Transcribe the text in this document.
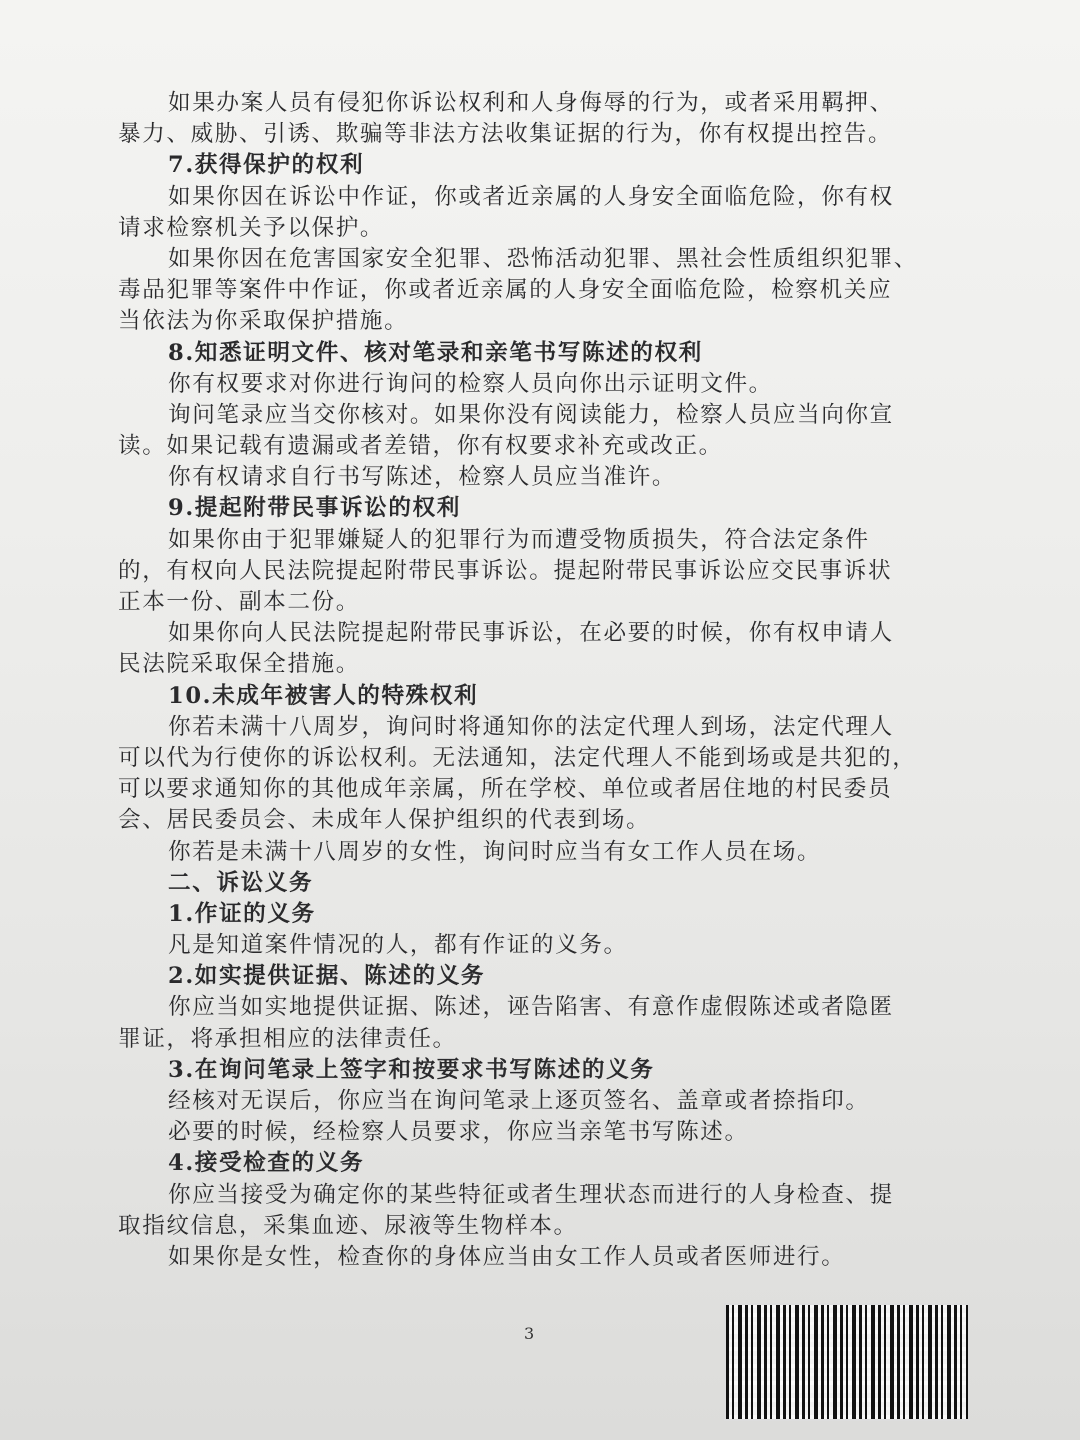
如果办案人员有侵犯你诉讼权利和人身侮辱的行为，或者采用羁押、

暴力、威胁、引诱、欺骗等非法方法收集证据的行为，你有权提出控告。

7.获得保护的权利

如果你因在诉讼中作证，你或者近亲属的人身安全面临危险，你有权

请求检察机关予以保护。

如果你因在危害国家安全犯罪、恐怖活动犯罪、黑社会性质组织犯罪、

毒品犯罪等案件中作证，你或者近亲属的人身安全面临危险，检察机关应

当依法为你采取保护措施。

8.知悉证明文件、核对笔录和亲笔书写陈述的权利

你有权要求对你进行询问的检察人员向你出示证明文件。

询问笔录应当交你核对。如果你没有阅读能力，检察人员应当向你宣

读。如果记载有遗漏或者差错，你有权要求补充或改正。

你有权请求自行书写陈述，检察人员应当准许。

9.提起附带民事诉讼的权利

如果你由于犯罪嫌疑人的犯罪行为而遭受物质损失，符合法定条件

的，有权向人民法院提起附带民事诉讼。提起附带民事诉讼应交民事诉状

正本一份、副本二份。

如果你向人民法院提起附带民事诉讼，在必要的时候，你有权申请人

民法院采取保全措施。

10.未成年被害人的特殊权利

你若未满十八周岁，询问时将通知你的法定代理人到场，法定代理人

可以代为行使你的诉讼权利。无法通知，法定代理人不能到场或是共犯的，

可以要求通知你的其他成年亲属，所在学校、单位或者居住地的村民委员

会、居民委员会、未成年人保护组织的代表到场。

你若是未满十八周岁的女性，询问时应当有女工作人员在场。

二、诉讼义务

1.作证的义务

凡是知道案件情况的人，都有作证的义务。

2.如实提供证据、陈述的义务

你应当如实地提供证据、陈述，诬告陷害、有意作虚假陈述或者隐匿

罪证，将承担相应的法律责任。

3.在询问笔录上签字和按要求书写陈述的义务

经核对无误后，你应当在询问笔录上逐页签名、盖章或者捺指印。

必要的时候，经检察人员要求，你应当亲笔书写陈述。

4.接受检查的义务

你应当接受为确定你的某些特征或者生理状态而进行的人身检查、提

取指纹信息，采集血迹、尿液等生物样本。

如果你是女性，检查你的身体应当由女工作人员或者医师进行。

3
